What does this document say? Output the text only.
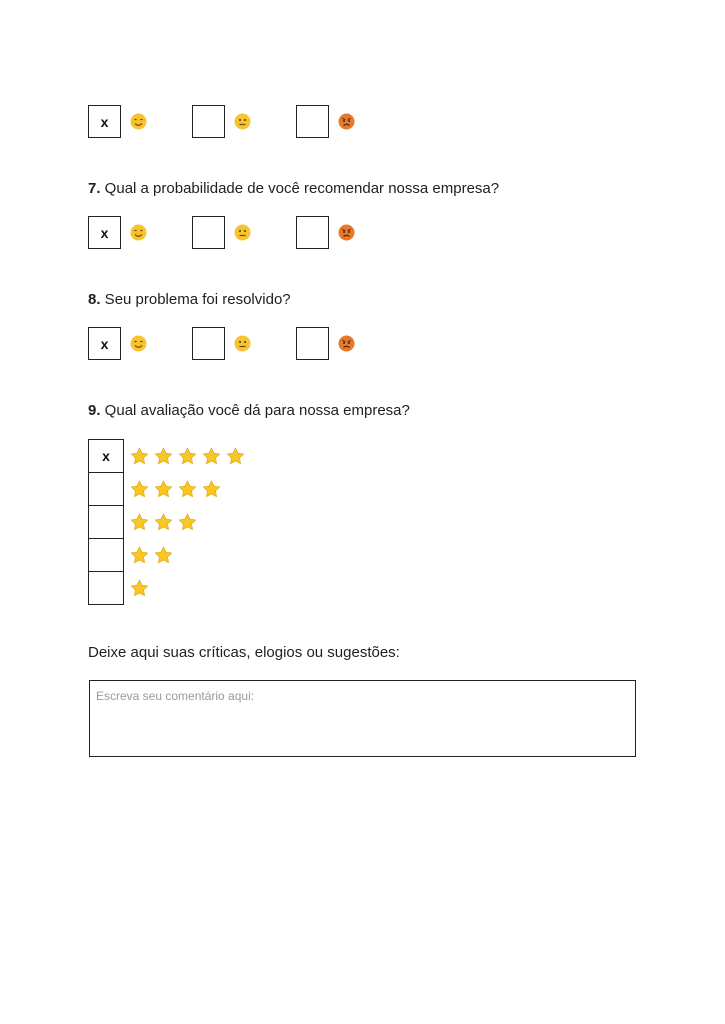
x
7. Qual a probabilidade de você recomendar nossa empresa?
x
8. Seu problema foi resolvido?
x
9. Qual avaliação você dá para nossa empresa?
x
Deixe aqui suas críticas, elogios ou sugestões:
Escreva seu comentário aqui:
